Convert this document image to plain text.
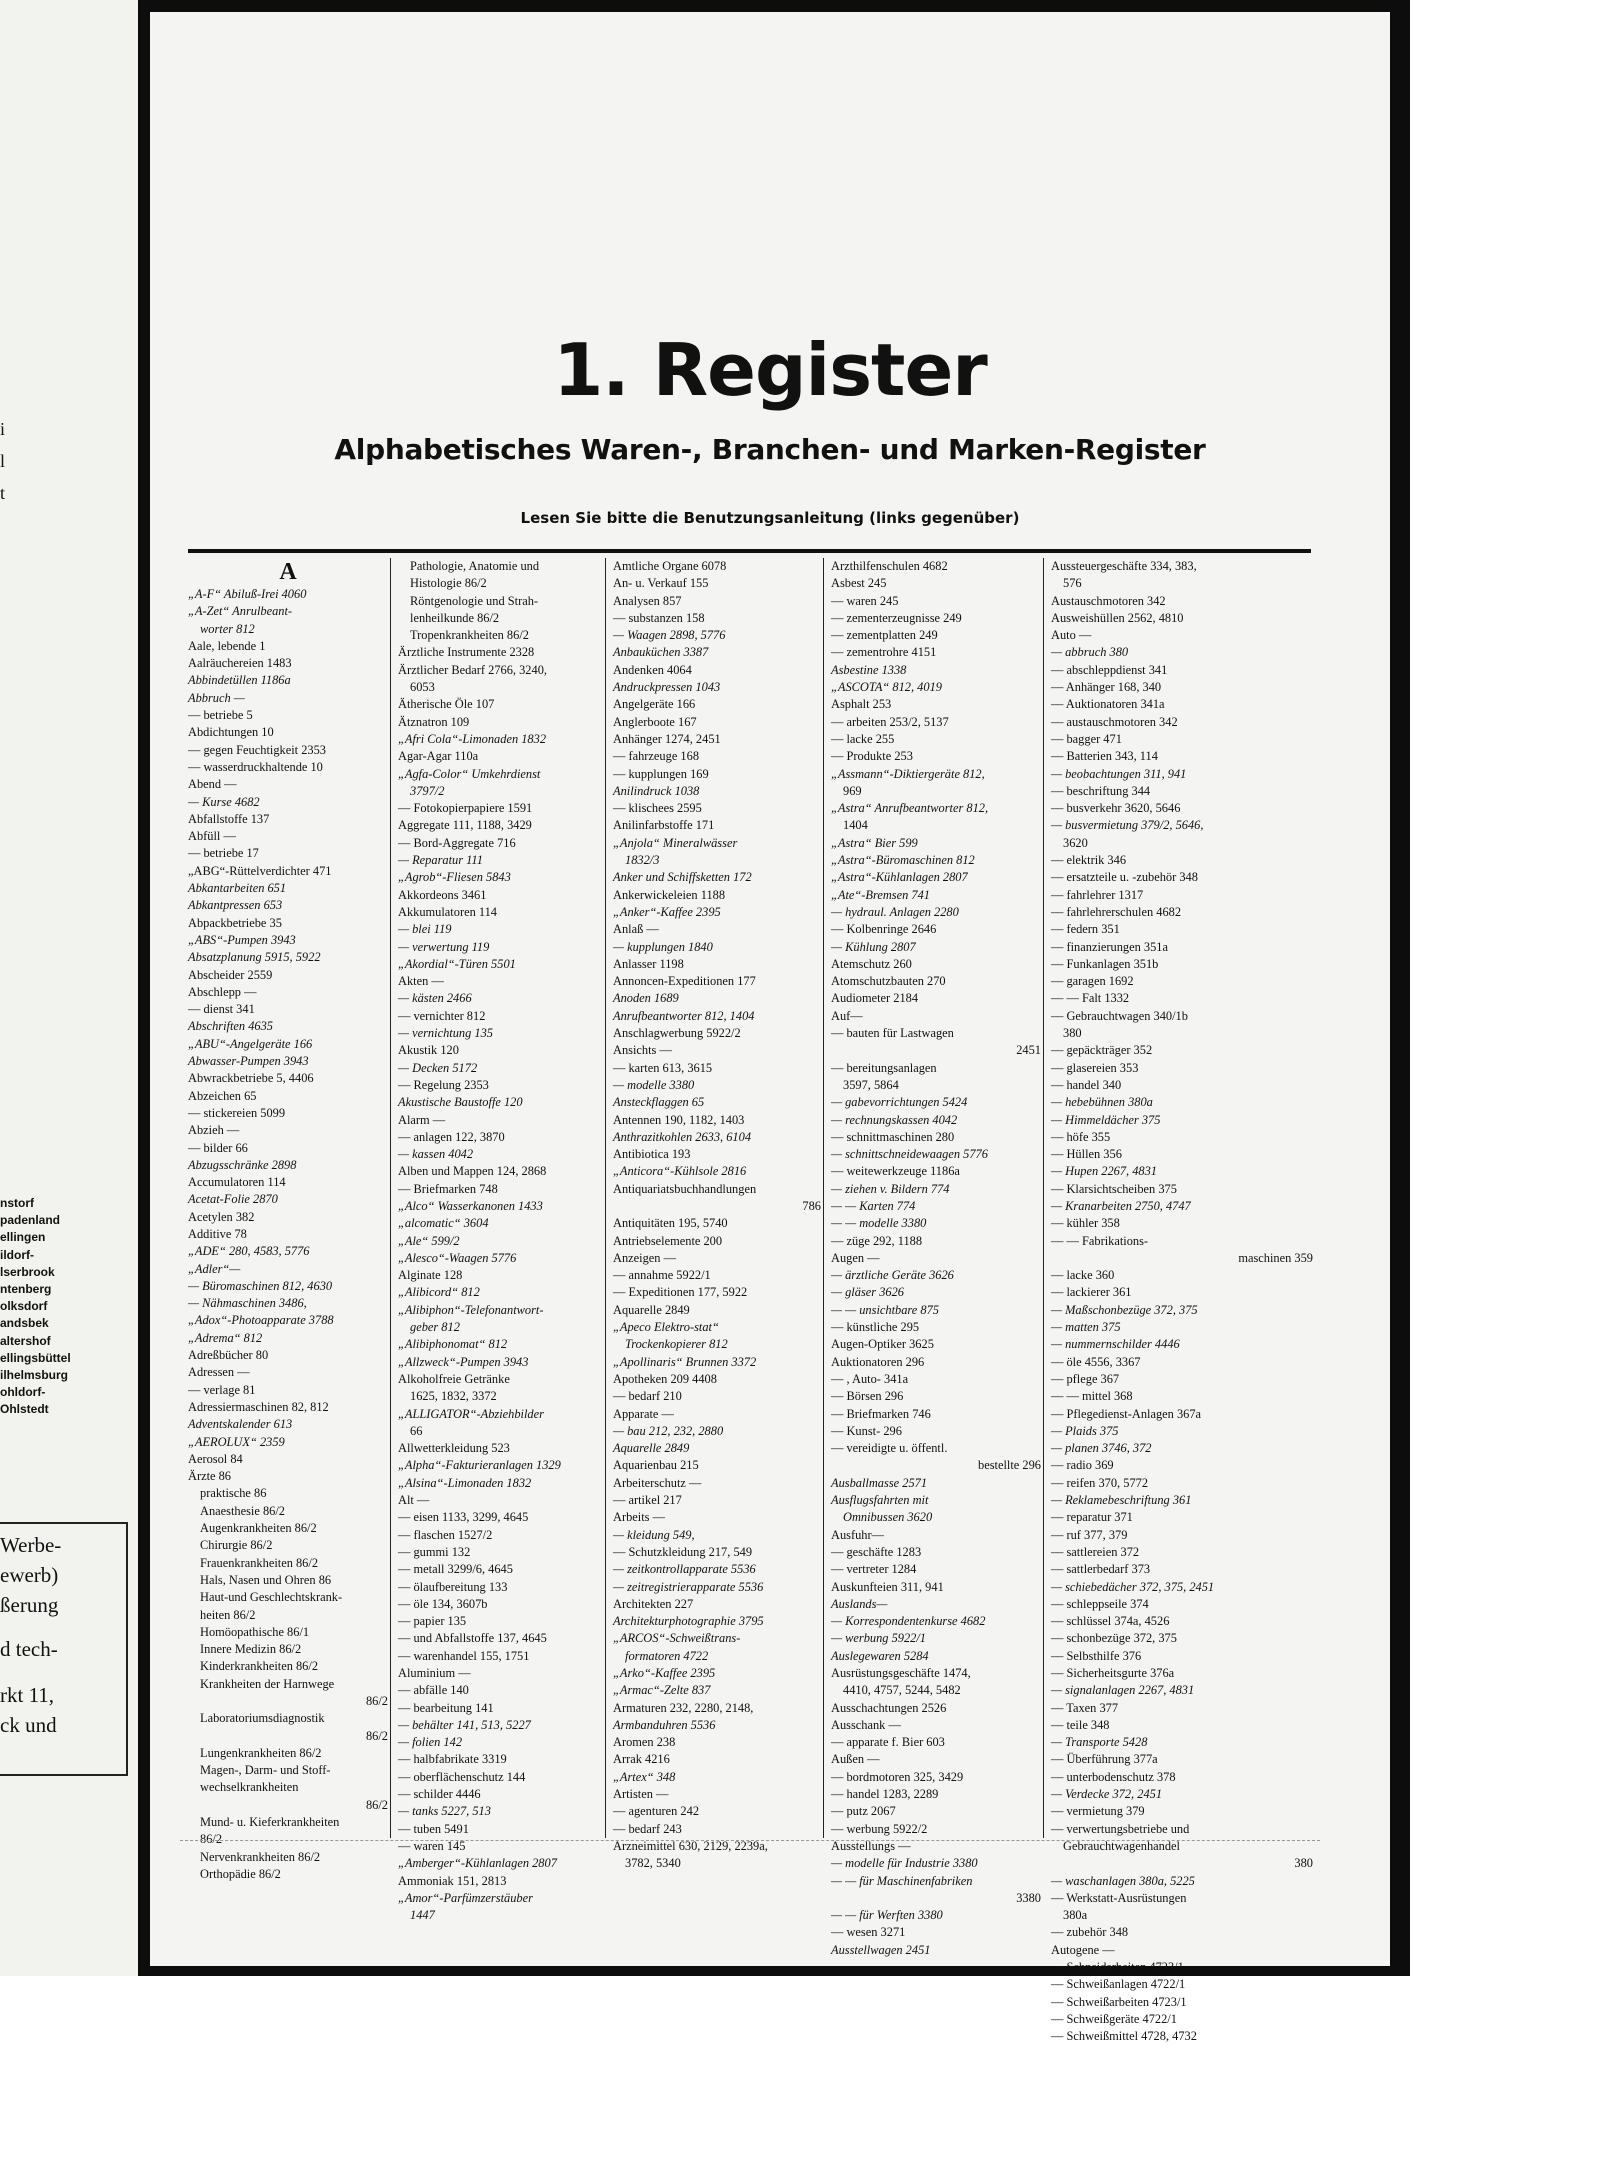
i
l
t
nstorf
padenland
ellingen
ildorf-
lserbrook
ntenberg
olksdorf
andsbek
altershof
ellingsbüttel
ilhelmsburg
ohldorf-
Ohlstedt
Werbe-
ewerb)
ßerung
d tech-
rkt 11,
ck und
1. Register
Alphabetisches Waren-, Branchen- und Marken-Register
Lesen Sie bitte die Benutzungsanleitung (links gegenüber)
A
„A-F“ Abiluß-Irei 4060
„A-Zet“ Anrulbeant-
worter 812
Aale, lebende 1
Aalräuchereien 1483
Abbindetüllen 1186a
Abbruch —
— betriebe 5
Abdichtungen 10
— gegen Feuchtigkeit 2353
— wasserdruckhaltende 10
Abend —
— Kurse 4682
Abfallstoffe 137
Abfüll —
— betriebe 17
„ABG“-Rüttelverdichter 471
Abkantarbeiten 651
Abkantpressen 653
Abpackbetriebe 35
„ABS“-Pumpen 3943
Absatzplanung 5915, 5922
Abscheider 2559
Abschlepp —
— dienst 341
Abschriften 4635
„ABU“-Angelgeräte 166
Abwasser-Pumpen 3943
Abwrackbetriebe 5, 4406
Abzeichen 65
— stickereien 5099
Abzieh —
— bilder 66
Abzugsschränke 2898
Accumulatoren 114
Acetat-Folie 2870
Acetylen 382
Additive 78
„ADE“ 280, 4583, 5776
„Adler“—
— Büromaschinen 812, 4630
— Nähmaschinen 3486,
„Adox“-Photoapparate 3788
„Adrema“ 812
Adreßbücher 80
Adressen —
— verlage 81
Adressiermaschinen 82, 812
Adventskalender 613
„AEROLUX“ 2359
Aerosol 84
Ärzte 86
praktische 86
Anaesthesie 86/2
Augenkrankheiten 86/2
Chirurgie 86/2
Frauenkrankheiten 86/2
Hals, Nasen und Ohren 86
Haut-und Geschlechtskrank-
heiten 86/2
Homöopathische 86/1
Innere Medizin 86/2
Kinderkrankheiten 86/2
Krankheiten der Harnwege
86/2
Laboratoriumsdiagnostik
86/2
Lungenkrankheiten 86/2
Magen-, Darm- und Stoff-
wechselkrankheiten
86/2
Mund- u. Kieferkrankheiten
86/2
Nervenkrankheiten 86/2
Orthopädie 86/2
Pathologie, Anatomie und
Histologie 86/2
Röntgenologie und Strah-
lenheilkunde 86/2
Tropenkrankheiten 86/2
Ärztliche Instrumente 2328
Ärztlicher Bedarf 2766, 3240,
6053
Ätherische Öle 107
Ätznatron 109
„Afri Cola“-Limonaden 1832
Agar-Agar 110a
„Agfa-Color“ Umkehrdienst
3797/2
— Fotokopierpapiere 1591
Aggregate 111, 1188, 3429
— Bord-Aggregate 716
— Reparatur 111
„Agrob“-Fliesen 5843
Akkordeons 3461
Akkumulatoren 114
— blei 119
— verwertung 119
„Akordial“-Türen 5501
Akten —
— kästen 2466
— vernichter 812
— vernichtung 135
Akustik 120
— Decken 5172
— Regelung 2353
Akustische Baustoffe 120
Alarm —
— anlagen 122, 3870
— kassen 4042
Alben und Mappen 124, 2868
— Briefmarken 748
„Alco“ Wasserkanonen 1433
„alcomatic“ 3604
„Ale“ 599/2
„Alesco“-Waagen 5776
Alginate 128
„Alibicord“ 812
„Alibiphon“-Telefonantwort-
geber 812
„Alibiphonomat“ 812
„Allzweck“-Pumpen 3943
Alkoholfreie Getränke
1625, 1832, 3372
„ALLIGATOR“-Abziehbilder
66
Allwetterkleidung 523
„Alpha“-Fakturieranlagen 1329
„Alsina“-Limonaden 1832
Alt —
— eisen 1133, 3299, 4645
— flaschen 1527/2
— gummi 132
— metall 3299/6, 4645
— ölaufbereitung 133
— öle 134, 3607b
— papier 135
— und Abfallstoffe 137, 4645
— warenhandel 155, 1751
Aluminium —
— abfälle 140
— bearbeitung 141
— behälter 141, 513, 5227
— folien 142
— halbfabrikate 3319
— oberflächenschutz 144
— schilder 4446
— tanks 5227, 513
— tuben 5491
— waren 145
„Amberger“-Kühlanlagen 2807
Ammoniak 151, 2813
„Amor“-Parfümzerstäuber
1447
Amtliche Organe 6078
An- u. Verkauf 155
Analysen 857
— substanzen 158
— Waagen 2898, 5776
Anbauküchen 3387
Andenken 4064
Andruckpressen 1043
Angelgeräte 166
Anglerboote 167
Anhänger 1274, 2451
— fahrzeuge 168
— kupplungen 169
Anilindruck 1038
— klischees 2595
Anilinfarbstoffe 171
„Anjola“ Mineralwässer
1832/3
Anker und Schiffsketten 172
Ankerwickeleien 1188
„Anker“-Kaffee 2395
Anlaß —
— kupplungen 1840
Anlasser 1198
Annoncen-Expeditionen 177
Anoden 1689
Anrufbeantworter 812, 1404
Anschlagwerbung 5922/2
Ansichts —
— karten 613, 3615
— modelle 3380
Ansteckflaggen 65
Antennen 190, 1182, 1403
Anthrazitkohlen 2633, 6104
Antibiotica 193
„Anticora“-Kühlsole 2816
Antiquariatsbuchhandlungen
786
Antiquitäten 195, 5740
Antriebselemente 200
Anzeigen —
— annahme 5922/1
— Expeditionen 177, 5922
Aquarelle 2849
„Apeco Elektro-stat“
Trockenkopierer 812
„Apollinaris“ Brunnen 3372
Apotheken 209 4408
— bedarf 210
Apparate —
— bau 212, 232, 2880
Aquarelle 2849
Aquarienbau 215
Arbeiterschutz —
— artikel 217
Arbeits —
— kleidung 549,
— Schutzkleidung 217, 549
— zeitkontrollapparate 5536
— zeitregistrierapparate 5536
Architekten 227
Architekturphotographie 3795
„ARCOS“-Schweißtrans-
formatoren 4722
„Arko“-Kaffee 2395
„Armac“-Zelte 837
Armaturen 232, 2280, 2148,
Armbanduhren 5536
Aromen 238
Arrak 4216
„Artex“ 348
Artisten —
— agenturen 242
— bedarf 243
Arzneimittel 630, 2129, 2239a,
3782, 5340
Arzthilfenschulen 4682
Asbest 245
— waren 245
— zementerzeugnisse 249
— zementplatten 249
— zementrohre 4151
Asbestine 1338
„ASCOTA“ 812, 4019
Asphalt 253
— arbeiten 253/2, 5137
— lacke 255
— Produkte 253
„Assmann“-Diktiergeräte 812,
969
„Astra“ Anrufbeantworter 812,
1404
„Astra“ Bier 599
„Astra“-Büromaschinen 812
„Astra“-Kühlanlagen 2807
„Ate“-Bremsen 741
— hydraul. Anlagen 2280
— Kolbenringe 2646
— Kühlung 2807
Atemschutz 260
Atomschutzbauten 270
Audiometer 2184
Auf—
— bauten für Lastwagen
2451
— bereitungsanlagen
3597, 5864
— gabevorrichtungen 5424
— rechnungskassen 4042
— schnittmaschinen 280
— schnittschneidewaagen 5776
— weitewerkzeuge 1186a
— ziehen v. Bildern 774
— — Karten 774
— — modelle 3380
— züge 292, 1188
Augen —
— ärztliche Geräte 3626
— gläser 3626
— — unsichtbare 875
— künstliche 295
Augen-Optiker 3625
Auktionatoren 296
— , Auto- 341a
— Börsen 296
— Briefmarken 746
— Kunst- 296
— vereidigte u. öffentl.
bestellte 296
Ausballmasse 2571
Ausflugsfahrten mit
Omnibussen 3620
Ausfuhr—
— geschäfte 1283
— vertreter 1284
Auskunfteien 311, 941
Auslands—
— Korrespondentenkurse 4682
— werbung 5922/1
Auslegewaren 5284
Ausrüstungsgeschäfte 1474,
4410, 4757, 5244, 5482
Ausschachtungen 2526
Ausschank —
— apparate f. Bier 603
Außen —
— bordmotoren 325, 3429
— handel 1283, 2289
— putz 2067
— werbung 5922/2
Ausstellungs —
— modelle für Industrie 3380
— — für Maschinenfabriken
3380
— — für Werften 3380
— wesen 3271
Ausstellwagen 2451
Aussteuergeschäfte 334, 383,
576
Austauschmotoren 342
Ausweishüllen 2562, 4810
Auto —
— abbruch 380
— abschleppdienst 341
— Anhänger 168, 340
— Auktionatoren 341a
— austauschmotoren 342
— bagger 471
— Batterien 343, 114
— beobachtungen 311, 941
— beschriftung 344
— busverkehr 3620, 5646
— busvermietung 379/2, 5646,
3620
— elektrik 346
— ersatzteile u. -zubehör 348
— fahrlehrer 1317
— fahrlehrerschulen 4682
— federn 351
— finanzierungen 351a
— Funkanlagen 351b
— garagen 1692
— — Falt 1332
— Gebrauchtwagen 340/1b
380
— gepäckträger 352
— glasereien 353
— handel 340
— hebebühnen 380a
— Himmeldächer 375
— höfe 355
— Hüllen 356
— Hupen 2267, 4831
— Klarsichtscheiben 375
— Kranarbeiten 2750, 4747
— kühler 358
— — Fabrikations-
maschinen 359
— lacke 360
— lackierer 361
— Maßschonbezüge 372, 375
— matten 375
— nummernschilder 4446
— öle 4556, 3367
— pflege 367
— — mittel 368
— Pflegedienst-Anlagen 367a
— Plaids 375
— planen 3746, 372
— radio 369
— reifen 370, 5772
— Reklamebeschriftung 361
— reparatur 371
— ruf 377, 379
— sattlereien 372
— sattlerbedarf 373
— schiebedächer 372, 375, 2451
— schleppseile 374
— schlüssel 374a, 4526
— schonbezüge 372, 375
— Selbsthilfe 376
— Sicherheitsgurte 376a
— signalanlagen 2267, 4831
— Taxen 377
— teile 348
— Transporte 5428
— Überführung 377a
— unterbodenschutz 378
— Verdecke 372, 2451
— vermietung 379
— verwertungsbetriebe und
Gebrauchtwagenhandel
380
— waschanlagen 380a, 5225
— Werkstatt-Ausrüstungen
380a
— zubehör 348
Autogene —
— Schneidarbeiten 4723/1
— Schweißanlagen 4722/1
— Schweißarbeiten 4723/1
— Schweißgeräte 4722/1
— Schweißmittel 4728, 4732
